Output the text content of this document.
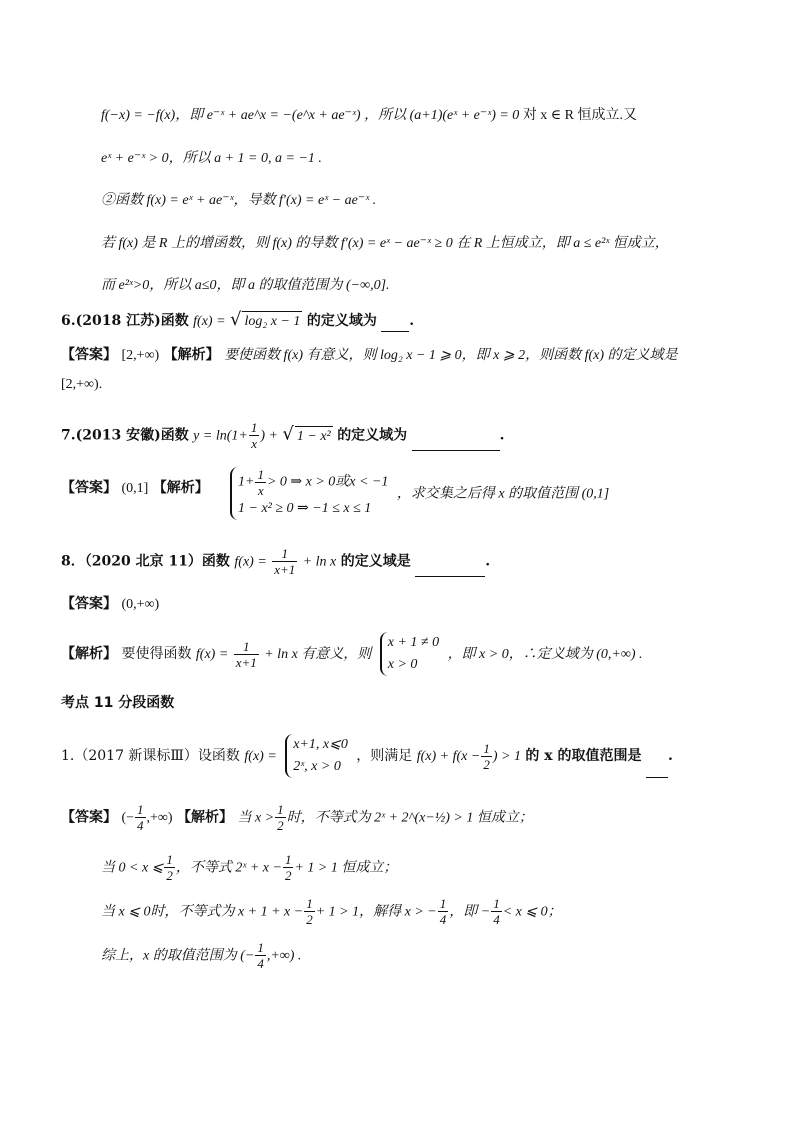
f(−x) = −f(x)，即 e⁻ˣ + ae^x = −(e^x + ae⁻ˣ) ，所以 (a+1)(eˣ + e⁻ˣ) = 0 对 x ∈ R 恒成立.又
eˣ + e⁻ˣ > 0，所以 a + 1 = 0, a = −1 .
②函数 f(x) = eˣ + ae⁻ˣ，导数 f′(x) = eˣ − ae⁻ˣ .
若 f(x) 是 R 上的增函数，则 f(x) 的导数 f′(x) = eˣ − ae⁻ˣ ≥ 0 在 R 上恒成立，即 a ≤ e²ˣ 恒成立，
而 e²ˣ>0，所以 a≤0，即 a 的取值范围为 (−∞,0].
6.(2018 江苏)函数 f(x) = √ log₂ x − 1 的定义域为 .
【答案】 [2,+∞) 【解析】 要使函数 f(x) 有意义，则 log₂ x − 1 ⩾ 0，即 x ⩾ 2，则函数 f(x) 的定义域是
[2,+∞).
7.(2013 安徽)函数 $y = \ln(1+ \frac{1}{x}$ ) + √ 1 − x² 的定义域为	.
【答案】 (0,1] 【解析】 $1+ \frac{1}{x} > 0$ ⇒ x > 0或x < −1
1 − x² ≥ 0 ⇒ −1 ≤ x ≤ 1
，求交集之后得 x 的取值范围 (0,1]
8．（2020 北京 11）函数 $f(x) = \frac{1}{x+1} + \ln x$ 的定义域是	.
【答案】 (0,+∞)
【解析】 要使得函数 $f(x) = \frac{1}{x+1} + \ln x$ 有意义，则
x + 1 ≠ 0
x > 0
，即 x > 0，∴定义域为 (0,+∞) .
考点 11 分段函数
1.（2017 新课标Ⅲ）设函数 f(x) =
x+1, x⩽0
2ˣ, x > 0
，则满足 $f(x) + f(x - \frac{1}{2}$ ) > 1 的 x 的取值范围是 .
【答案】 (− $\frac{1}{4}$ ,+∞) 【解析】 当 $x > \frac{1}{2}$ 时，不等式为 2ˣ + 2^(x−½) > 1 恒成立；
当 0 < x ⩽ $\frac{1}{2}$ ，不等式 2ˣ + $x - \frac{1}{2} + 1 > 1$ 恒成立；
当 x ⩽ 0时，不等式为 $x + 1 + x - \frac{1}{2} + 1 > 1$，解得 x > − $\frac{1}{4}$ ，即 − $\frac{1}{4} < x$ ⩽ 0；
综上，x 的取值范围为 (− $\frac{1}{4}$ ,+∞) .
